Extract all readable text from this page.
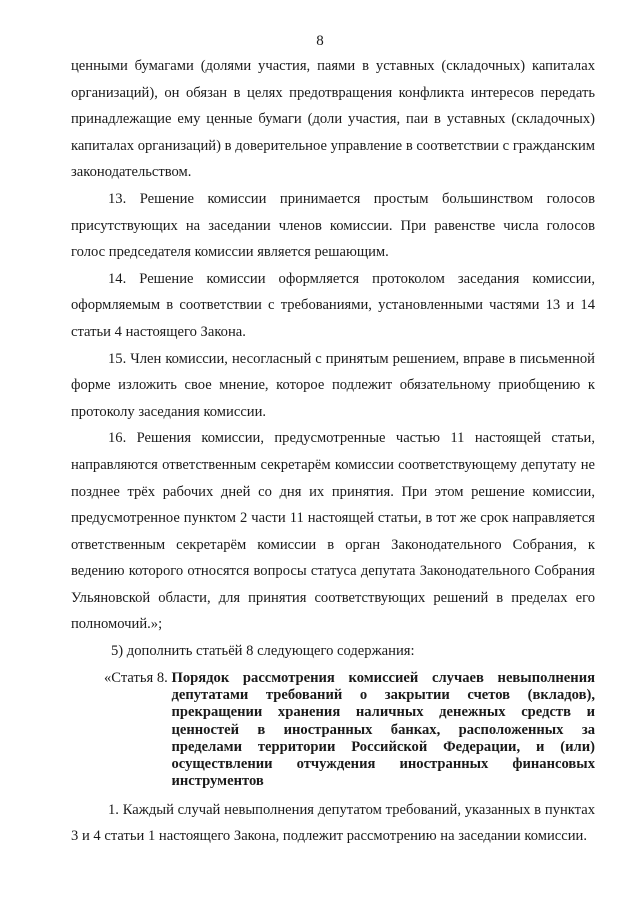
8

ценными бумагами (долями участия, паями в уставных (складочных) капиталах организаций), он обязан в целях предотвращения конфликта интересов передать принадлежащие ему ценные бумаги (доли участия, паи в уставных (складочных) капиталах организаций) в доверительное управление в соответствии с гражданским законодательством.

13. Решение комиссии принимается простым большинством голосов присутствующих на заседании членов комиссии. При равенстве числа голосов голос председателя комиссии является решающим.

14. Решение комиссии оформляется протоколом заседания комиссии, оформляемым в соответствии с требованиями, установленными частями 13 и 14 статьи 4 настоящего Закона.

15. Член комиссии, несогласный с принятым решением, вправе в письменной форме изложить свое мнение, которое подлежит обязательному приобщению к протоколу заседания комиссии.

16. Решения комиссии, предусмотренные частью 11 настоящей статьи, направляются ответственным секретарём комиссии соответствующему депутату не позднее трёх рабочих дней со дня их принятия. При этом решение комиссии, предусмотренное пунктом 2 части 11 настоящей статьи, в тот же срок направляется ответственным секретарём комиссии в орган Законодательного Собрания, к ведению которого относятся вопросы статуса депутата Законодательного Собрания Ульяновской области, для принятия соответствующих решений в пределах его полномочий.»;

5) дополнить статьёй 8 следующего содержания:

«Статья 8. Порядок рассмотрения комиссией случаев невыполнения депутатами требований о закрытии счетов (вкладов), прекращении хранения наличных денежных средств и ценностей в иностранных банках, расположенных за пределами территории Российской Федерации, и (или) осуществлении отчуждения иностранных финансовых инструментов

1. Каждый случай невыполнения депутатом требований, указанных в пунктах 3 и 4 статьи 1 настоящего Закона, подлежит рассмотрению на заседании комиссии.
